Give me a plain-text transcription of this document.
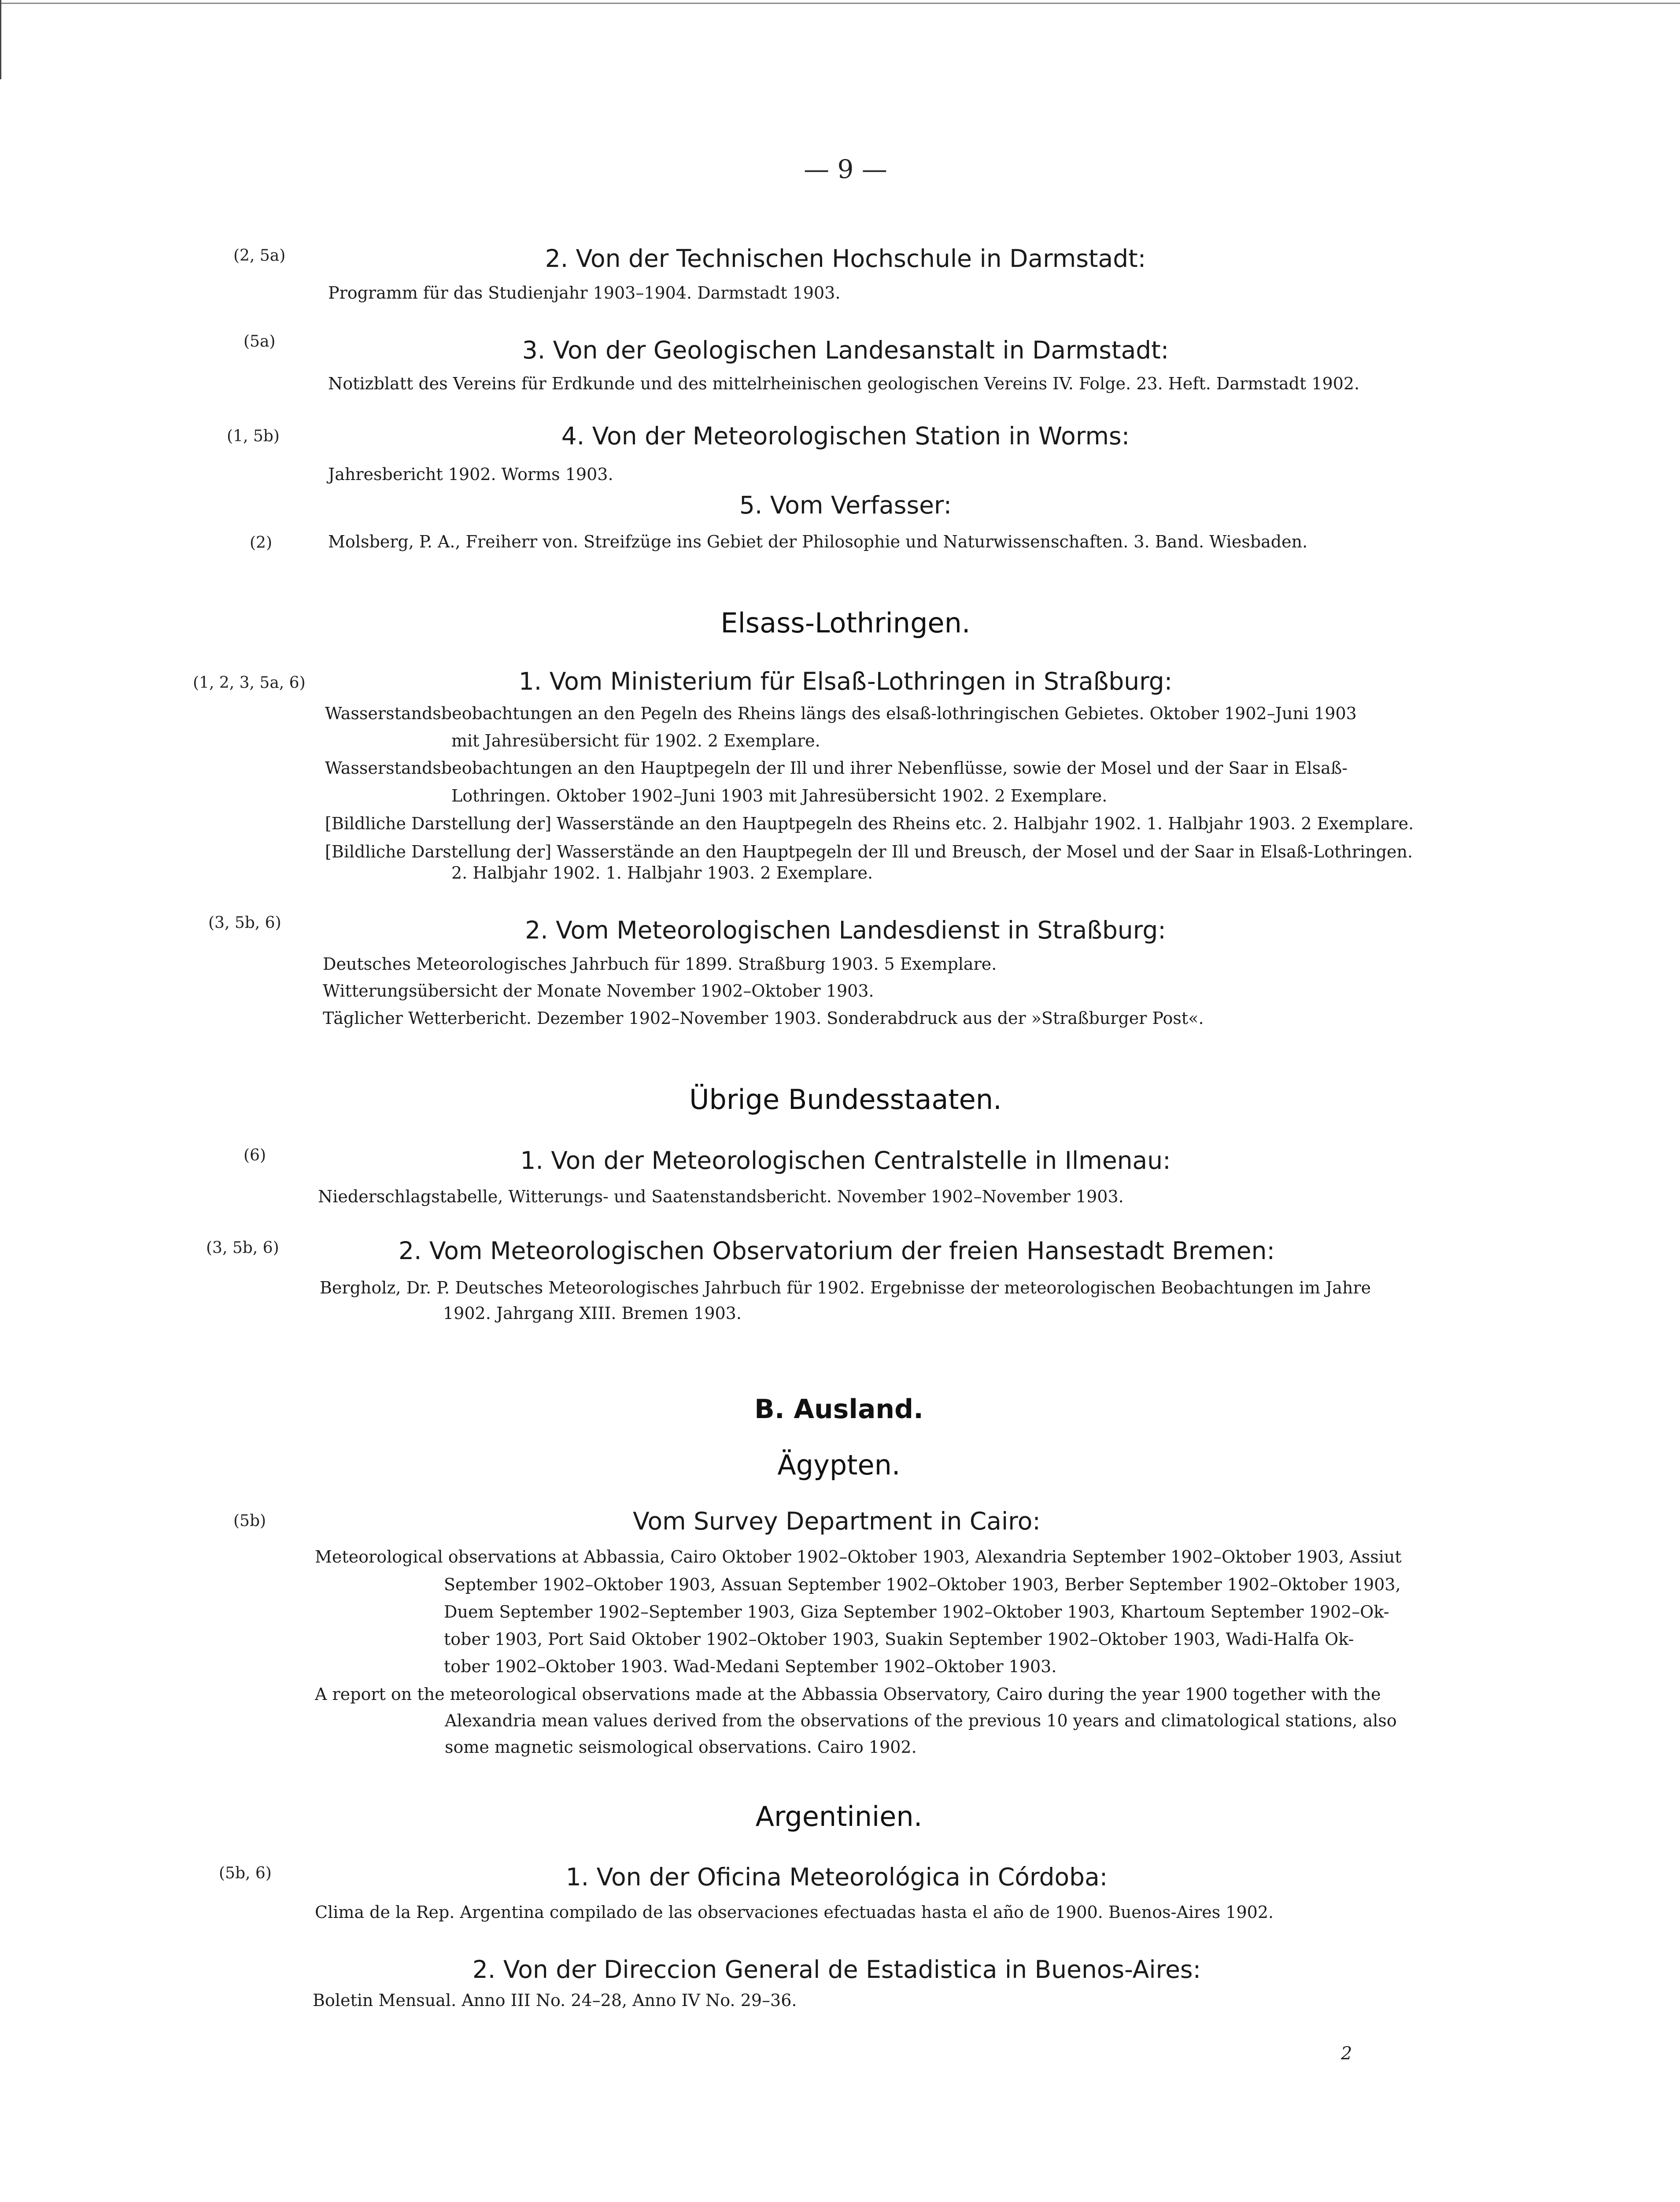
— 9 —
(2, 5a)	2. Von der Technischen Hochschule in Darmstadt:
Programm für das Studienjahr 1903–1904. Darmstadt 1903.
(5a)	3. Von der Geologischen Landesanstalt in Darmstadt:
Notizblatt des Vereins für Erdkunde und des mittelrheinischen geologischen Vereins IV. Folge. 23. Heft. Darmstadt 1902.
(1, 5b)	4. Von der Meteorologischen Station in Worms:
Jahresbericht 1902. Worms 1903.
5. Vom Verfasser:
(2)	Molsberg, P. A., Freiherr von. Streifzüge ins Gebiet der Philosophie und Naturwissenschaften. 3. Band. Wiesbaden.
Elsass-Lothringen.
(1, 2, 3, 5a, 6)	1. Vom Ministerium für Elsaß-Lothringen in Straßburg:
Wasserstandsbeobachtungen an den Pegeln des Rheins längs des elsaß-lothringischen Gebietes. Oktober 1902–Juni 1903
mit Jahresübersicht für 1902. 2 Exemplare.
Wasserstandsbeobachtungen an den Hauptpegeln der Ill und ihrer Nebenflüsse, sowie der Mosel und der Saar in Elsaß-
Lothringen. Oktober 1902–Juni 1903 mit Jahresübersicht 1902. 2 Exemplare.
[Bildliche Darstellung der] Wasserstände an den Hauptpegeln des Rheins etc. 2. Halbjahr 1902. 1. Halbjahr 1903. 2 Exemplare.
[Bildliche Darstellung der] Wasserstände an den Hauptpegeln der Ill und Breusch, der Mosel und der Saar in Elsaß-Lothringen.
2. Halbjahr 1902. 1. Halbjahr 1903. 2 Exemplare.
(3, 5b, 6)	2. Vom Meteorologischen Landesdienst in Straßburg:
Deutsches Meteorologisches Jahrbuch für 1899. Straßburg 1903. 5 Exemplare.
Witterungsübersicht der Monate November 1902–Oktober 1903.
Täglicher Wetterbericht. Dezember 1902–November 1903. Sonderabdruck aus der »Straßburger Post«.
Übrige Bundesstaaten.
(6)	1. Von der Meteorologischen Centralstelle in Ilmenau:
Niederschlagstabelle, Witterungs- und Saatenstandsbericht. November 1902–November 1903.
(3, 5b, 6)	2. Vom Meteorologischen Observatorium der freien Hansestadt Bremen:
Bergholz, Dr. P. Deutsches Meteorologisches Jahrbuch für 1902. Ergebnisse der meteorologischen Beobachtungen im Jahre
1902. Jahrgang XIII. Bremen 1903.
B. Ausland.
Ägypten.
(5b)	Vom Survey Department in Cairo:
Meteorological observations at Abbassia, Cairo Oktober 1902–Oktober 1903, Alexandria September 1902–Oktober 1903, Assiut
September 1902–Oktober 1903, Assuan September 1902–Oktober 1903, Berber September 1902–Oktober 1903,
Duem September 1902–September 1903, Giza September 1902–Oktober 1903, Khartoum September 1902–Ok-
tober 1903, Port Said Oktober 1902–Oktober 1903, Suakin September 1902–Oktober 1903, Wadi-Halfa Ok-
tober 1902–Oktober 1903. Wad-Medani September 1902–Oktober 1903.
A report on the meteorological observations made at the Abbassia Observatory, Cairo during the year 1900 together with the
Alexandria mean values derived from the observations of the previous 10 years and climatological stations, also
some magnetic seismological observations. Cairo 1902.
Argentinien.
(5b, 6)	1. Von der Oficina Meteorológica in Córdoba:
Clima de la Rep. Argentina compilado de las observaciones efectuadas hasta el año de 1900. Buenos-Aires 1902.
2. Von der Direccion General de Estadistica in Buenos-Aires:
Boletin Mensual. Anno III No. 24–28, Anno IV No. 29–36.
2
